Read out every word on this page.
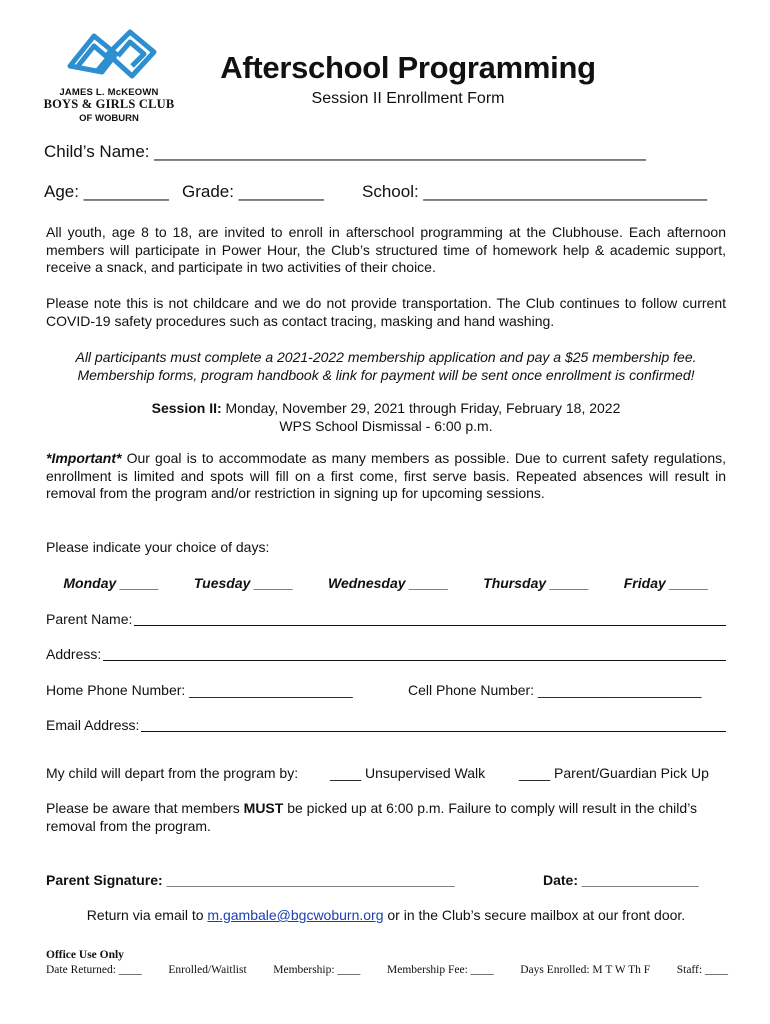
JAMES L. McKEOWN
BOYS & GIRLS CLUB
OF WOBURN
Afterschool Programming
Session II Enrollment Form
Child’s Name: ____________________________________________________
Age: _________ Grade: _________	School: ______________________________
All youth, age 8 to 18, are invited to enroll in afterschool programming at the Clubhouse. Each afternoon members will participate in Power Hour, the Club’s structured time of homework help & academic support, receive a snack, and participate in two activities of their choice.
Please note this is not childcare and we do not provide transportation. The Club continues to follow current COVID-19 safety procedures such as contact tracing, masking and hand washing.
All participants must complete a 2021-2022 membership application and pay a $25 membership fee.
Membership forms, program handbook & link for payment will be sent once enrollment is confirmed!
Session II: Monday, November 29, 2021 through Friday, February 18, 2022
WPS School Dismissal - 6:00 p.m.
*Important* Our goal is to accommodate as many members as possible. Due to current safety regulations, enrollment is limited and spots will fill on a first come, first serve basis. Repeated absences will result in removal from the program and/or restriction in signing up for upcoming sessions.
Please indicate your choice of days:
Monday _____ Tuesday _____ Wednesday _____ Thursday _____ Friday _____
Parent Name:
Address:
Home Phone Number: _____________________	Cell Phone Number: _____________________
Email Address:
My child will depart from the program by:	____ Unsupervised Walk	____ Parent/Guardian Pick Up
Please be aware that members MUST be picked up at 6:00 p.m. Failure to comply will result in the child’s removal from the program.
Parent Signature: _____________________________________	Date: _______________
Return via email to m.gambale@bgcwoburn.org or in the Club’s secure mailbox at our front door.
Office Use Only
Date Returned: ____ Enrolled/Waitlist Membership: ____ Membership Fee: ____ Days Enrolled: M T W Th F Staff: ____
